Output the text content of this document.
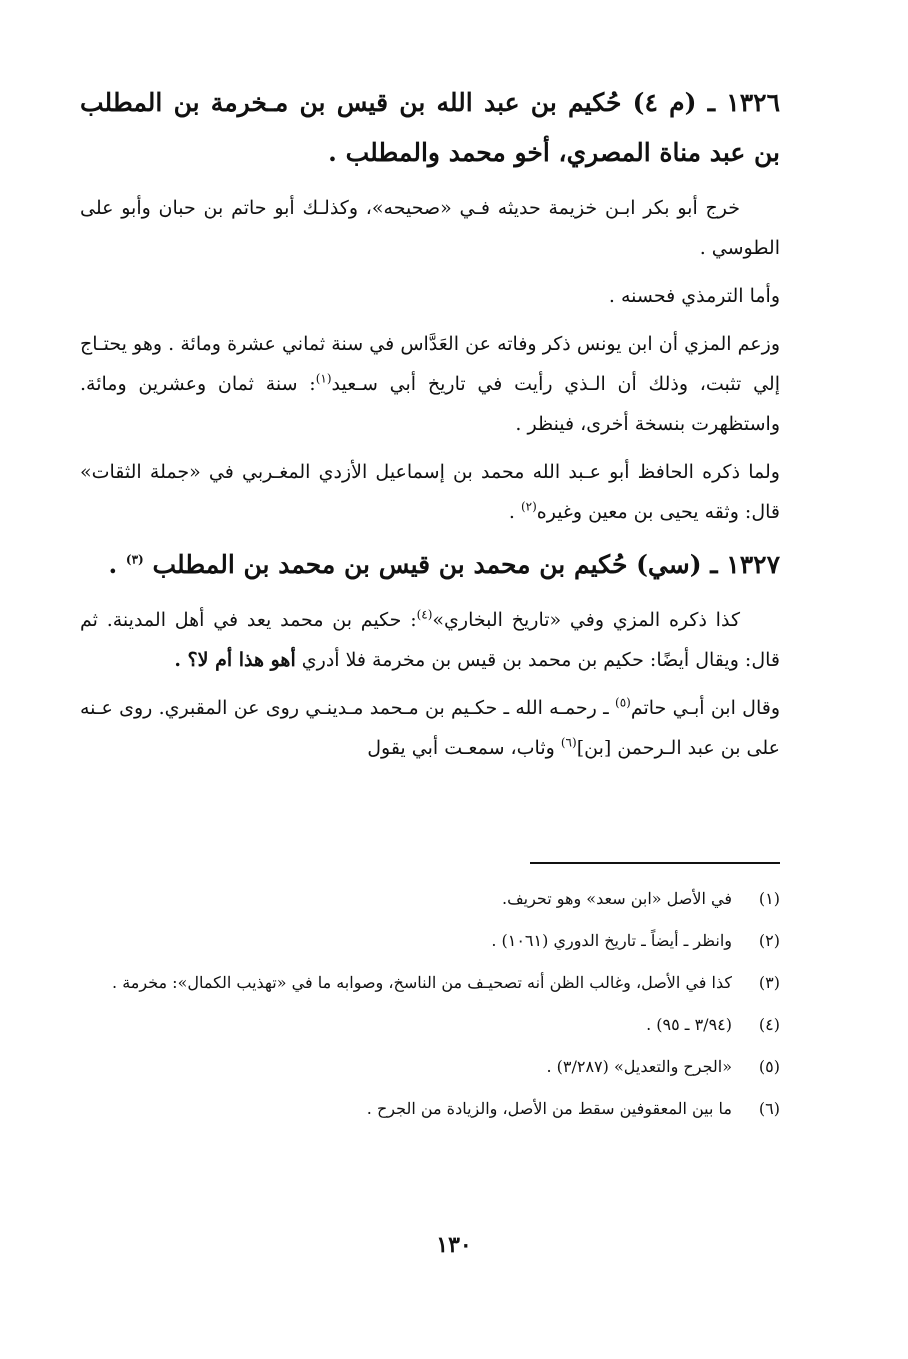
١٣٢٦ ـ (م ٤) حُكيم بن عبد الله بن قيس بن مـخرمة بن المطلب بن عبد مناة المصري، أخو محمد والمطلب .
خرج أبو بكر ابـن خزيمة حديثه فـي «صحيحه»، وكذلـك أبو حاتم بن حبان وأبو على الطوسي .
وأما الترمذي فحسنه .
وزعم المزي أن ابن يونس ذكر وفاته عن العَدَّاس في سنة ثماني عشرة ومائة . وهو يحتـاج إلي تثبت، وذلك أن الـذي رأيت في تاريخ أبي سـعيد$^{(١)}$: سنة ثمان وعشرين ومائة. واستظهرت بنسخة أخرى، فينظر .
ولما ذكره الحافظ أبو عـبد الله محمد بن إسماعيل الأزدي المغـربي في «جملة الثقات» قال: وثقه يحيى بن معين وغيره$^{(٢)}$ .
١٣٢٧ ـ (سي) حُكيم بن محمد بن قيس بن محمد بن المطلب $^{(٣)}$ .
كذا ذكره المزي وفي «تاريخ البخاري»$^{(٤)}$: حكيم بن محمد يعد في أهل المدينة. ثم قال: ويقال أيضًا: حكيم بن محمد بن قيس بن مخرمة فلا أدري أهو هذا أم لا؟ .
وقال ابن أبـي حاتم$^{(٥)}$ ـ رحمـه الله ـ حكـيم بن مـحمد مـدينـي روى عن المقبري. روى عـنه على بن عبد الـرحمن [بن]$^{(٦)}$ وثاب، سمعـت أبي يقول
(١)
في الأصل «ابن سعد» وهو تحريف.
(٢)
وانظر ـ أيضاً ـ تاريخ الدوري (١٠٦١) .
(٣)
كذا في الأصل، وغالب الظن أنه تصحيـف من الناسخ، وصوابه ما في «تهذيب الكمال»: مخرمة .
(٤)
(٣/٩٤ ـ ٩٥) .
(٥)
«الجرح والتعديل» (٣/٢٨٧) .
(٦)
ما بين المعقوفين سقط من الأصل، والزيادة من الجرح .
١٣٠
